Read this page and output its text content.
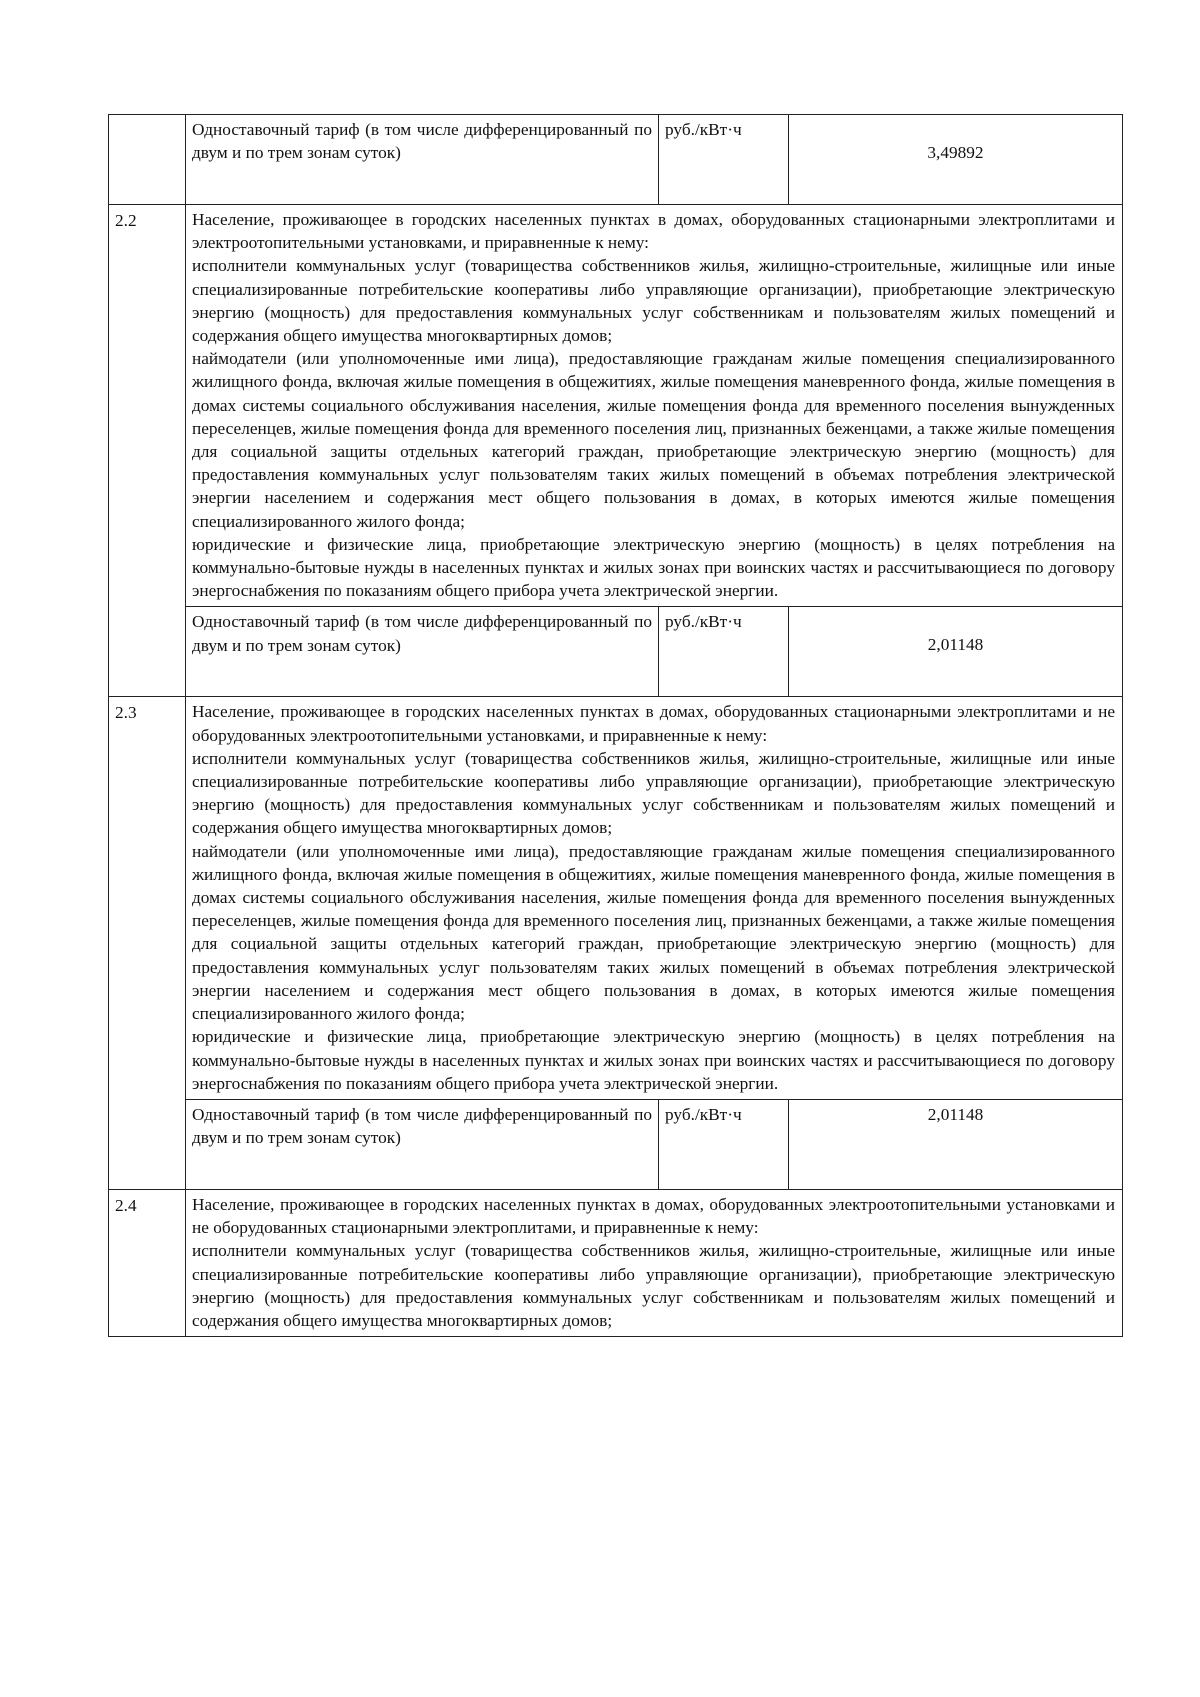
	Одноставочный тариф (в том числе дифференцированный по двум и по трем зонам суток)	руб./кВт·ч	3,49892
2.2	Население, проживающее в городских населенных пунктах в домах, оборудованных стационарными электроплитами и электроотопительными установками, и приравненные к нему:

исполнители коммунальных услуг (товарищества собственников жилья, жилищно-строительные, жилищные или иные специализированные потребительские кооперативы либо управляющие организации), приобретающие электрическую энергию (мощность) для предоставления коммунальных услуг собственникам и пользователям жилых помещений и содержания общего имущества многоквартирных домов;

наймодатели (или уполномоченные ими лица), предоставляющие гражданам жилые помещения специализированного жилищного фонда, включая жилые помещения в общежитиях, жилые помещения маневренного фонда, жилые помещения в домах системы социального обслуживания населения, жилые помещения фонда для временного поселения вынужденных переселенцев, жилые помещения фонда для временного поселения лиц, признанных беженцами, а также жилые помещения для социальной защиты отдельных категорий граждан, приобретающие электрическую энергию (мощность) для предоставления коммунальных услуг пользователям таких жилых помещений в объемах потребления электрической энергии населением и содержания мест общего пользования в домах, в которых имеются жилые помещения специализированного жилого фонда;

юридические и физические лица, приобретающие электрическую энергию (мощность) в целях потребления на коммунально-бытовые нужды в населенных пунктах и жилых зонах при воинских частях и рассчитывающиеся по договору энергоснабжения по показаниям общего прибора учета электрической энергии.		

	Одноставочный тариф (в том числе дифференцированный по двум и по трем зонам суток)	руб./кВт·ч	2,01148
2.3	Население, проживающее в городских населенных пунктах в домах, оборудованных стационарными электроплитами и не оборудованных электроотопительными установками, и приравненные к нему:

исполнители коммунальных услуг (товарищества собственников жилья, жилищно-строительные, жилищные или иные специализированные потребительские кооперативы либо управляющие организации), приобретающие электрическую энергию (мощность) для предоставления коммунальных услуг собственникам и пользователям жилых помещений и содержания общего имущества многоквартирных домов;

наймодатели (или уполномоченные ими лица), предоставляющие гражданам жилые помещения специализированного жилищного фонда, включая жилые помещения в общежитиях, жилые помещения маневренного фонда, жилые помещения в домах системы социального обслуживания населения, жилые помещения фонда для временного поселения вынужденных переселенцев, жилые помещения фонда для временного поселения лиц, признанных беженцами, а также жилые помещения для социальной защиты отдельных категорий граждан, приобретающие электрическую энергию (мощность) для предоставления коммунальных услуг пользователям таких жилых помещений в объемах потребления электрической энергии населением и содержания мест общего пользования в домах, в которых имеются жилые помещения специализированного жилого фонда;

юридические и физические лица, приобретающие электрическую энергию (мощность) в целях потребления на коммунально-бытовые нужды в населенных пунктах и жилых зонах при воинских частях и рассчитывающиеся по договору энергоснабжения по показаниям общего прибора учета электрической энергии.		

	Одноставочный тариф (в том числе дифференцированный по двум и по трем зонам суток)	руб./кВт·ч	2,01148
2.4	Население, проживающее в городских населенных пунктах в домах, оборудованных электроотопительными установками и не оборудованных стационарными электроплитами, и приравненные к нему:

исполнители коммунальных услуг (товарищества собственников жилья, жилищно-строительные, жилищные или иные специализированные потребительские кооперативы либо управляющие организации), приобретающие электрическую энергию (мощность) для предоставления коммунальных услуг собственникам и пользователям жилых помещений и содержания общего имущества многоквартирных домов;		
